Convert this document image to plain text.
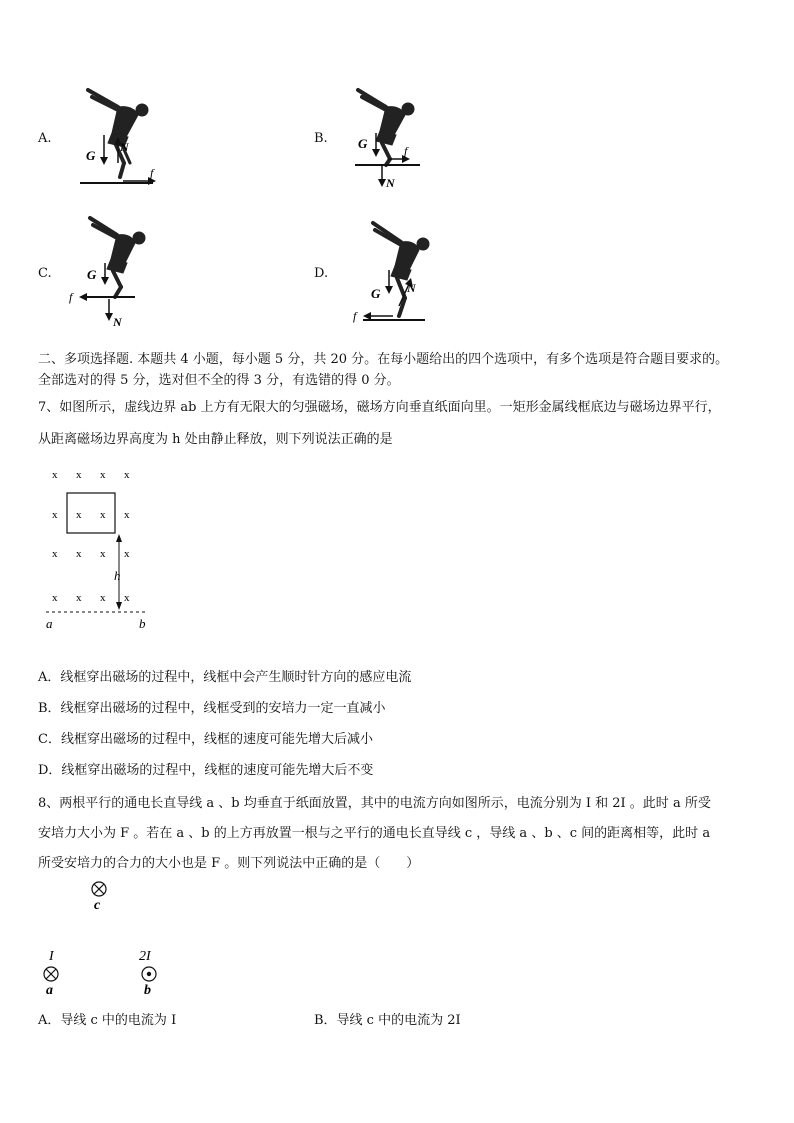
A.
G
N
f
B. G
N
f
C.	G
N
f
D.
G N
f
二、多项选择题. 本题共 4 小题，每小题 5 分，共 20 分。在每小题给出的四个选项中，有多个选项是符合题目要求的。
全部选对的得 5 分，选对但不全的得 3 分，有选错的得 0 分。
7、如图所示，虚线边界 ab 上方有无限大的匀强磁场，磁场方向垂直纸面向里。一矩形金属线框底边与磁场边界平行，
从距离磁场边界高度为 h 处由静止释放，则下列说法正确的是
x x x x
x x x x
x x x x
x x x x
h
a	b
A．线框穿出磁场的过程中，线框中会产生顺时针方向的感应电流
B．线框穿出磁场的过程中，线框受到的安培力一定一直减小
C．线框穿出磁场的过程中，线框的速度可能先增大后减小
D．线框穿出磁场的过程中，线框的速度可能先增大后不变
8、两根平行的通电长直导线 a 、b 均垂直于纸面放置，其中的电流方向如图所示，电流分别为 I 和 2I 。此时 a 所受
安培力大小为 F 。若在 a 、b 的上方再放置一根与之平行的通电长直导线 c ，导线 a 、b 、c 间的距离相等，此时 a
所受安培力的合力的大小也是 F 。则下列说法中正确的是（　　）
c
I
a
2I
b
A．导线 c 中的电流为 I	B．导线 c 中的电流为 2I
